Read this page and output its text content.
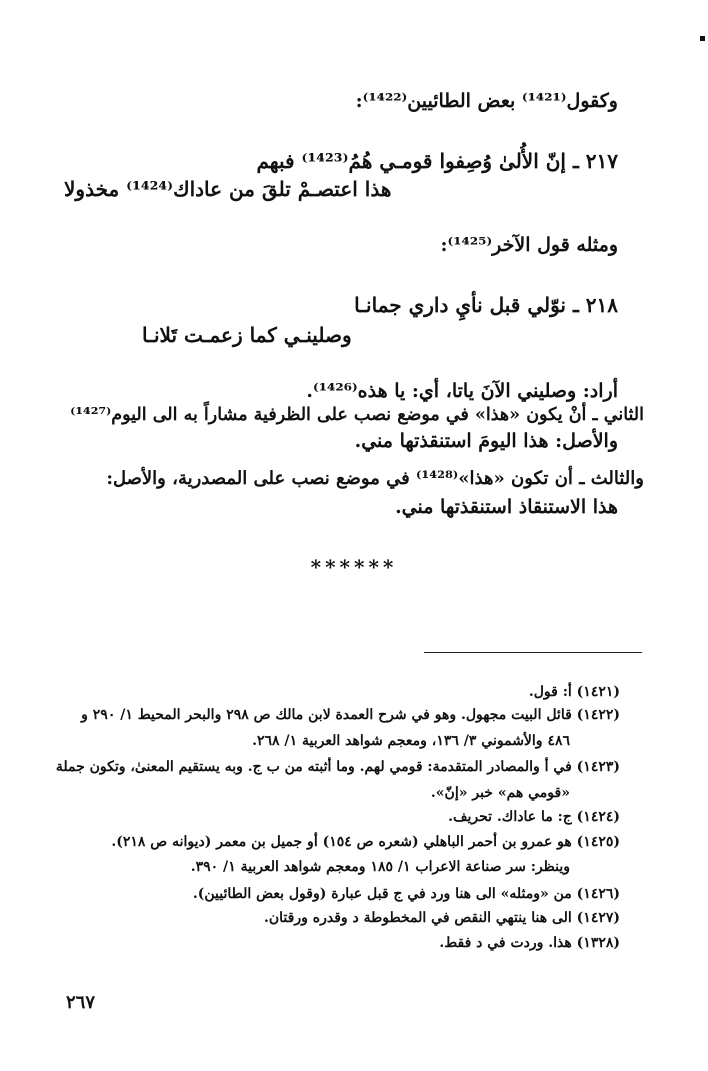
وكقول⁽¹⁴²¹⁾ بعض الطائيين⁽¹⁴²²⁾:
٢١٧ ـ إنّ الأُلىٰ وُصِفوا قومـي هُمُ⁽¹⁴²³⁾ فبهم
هذا اعتصـمْ تلقَ من عاداك⁽¹⁴²⁴⁾ مخذولا
ومثله قول الآخر⁽¹⁴²⁵⁾:
٢١٨ ـ نوّلي قبل نأيِ داري جمانـا
وصلينـي كما زعمـت تَلانـا
أراد: وصليني الآنَ ياتا، أي: يا هذه⁽¹⁴²⁶⁾.
الثاني ـ أنْ يكون «هذا» في موضع نصب على الظرفية مشاراً به الى اليوم⁽¹⁴²⁷⁾
والأصل: هذا اليومَ استنقذتها مني.
والثالث ـ أن تكون «هذا»⁽¹⁴²⁸⁾ في موضع نصب على المصدرية، والأصل:
هذا الاستنقاذ استنقذتها مني.
******
(١٤٢١) أ: قول.
(١٤٢٢) قائل البيت مجهول. وهو في شرح العمدة لابن مالك ص ٢٩٨ والبحر المحيط ١/ ٢٩٠ و
٤٨٦ والأشموني ٣/ ١٣٦، ومعجم شواهد العربية ١/ ٢٦٨.
(١٤٢٣) في أ والمصادر المتقدمة: قومي لهم. وما أثبته من ب ج. وبه يستقيم المعنىٰ، وتكون جملة
«قومي هم» خبر «إنّ».
(١٤٢٤) ج: ما عاداك. تحريف.
(١٤٢٥) هو عمرو بن أحمر الباهلي (شعره ص ١٥٤) أو جميل بن معمر (ديوانه ص ٢١٨).
وينظر: سر صناعة الاعراب ١/ ١٨٥ ومعجم شواهد العربية ١/ ٣٩٠.
(١٤٢٦) من «ومثله» الى هنا ورد في ج قبل عبارة (وقول بعض الطائيين).
(١٤٢٧) الى هنا ينتهي النقص في المخطوطة د وقدره ورقتان.
(١٣٢٨) هذا. وردت في د فقط.
٢٦٧
